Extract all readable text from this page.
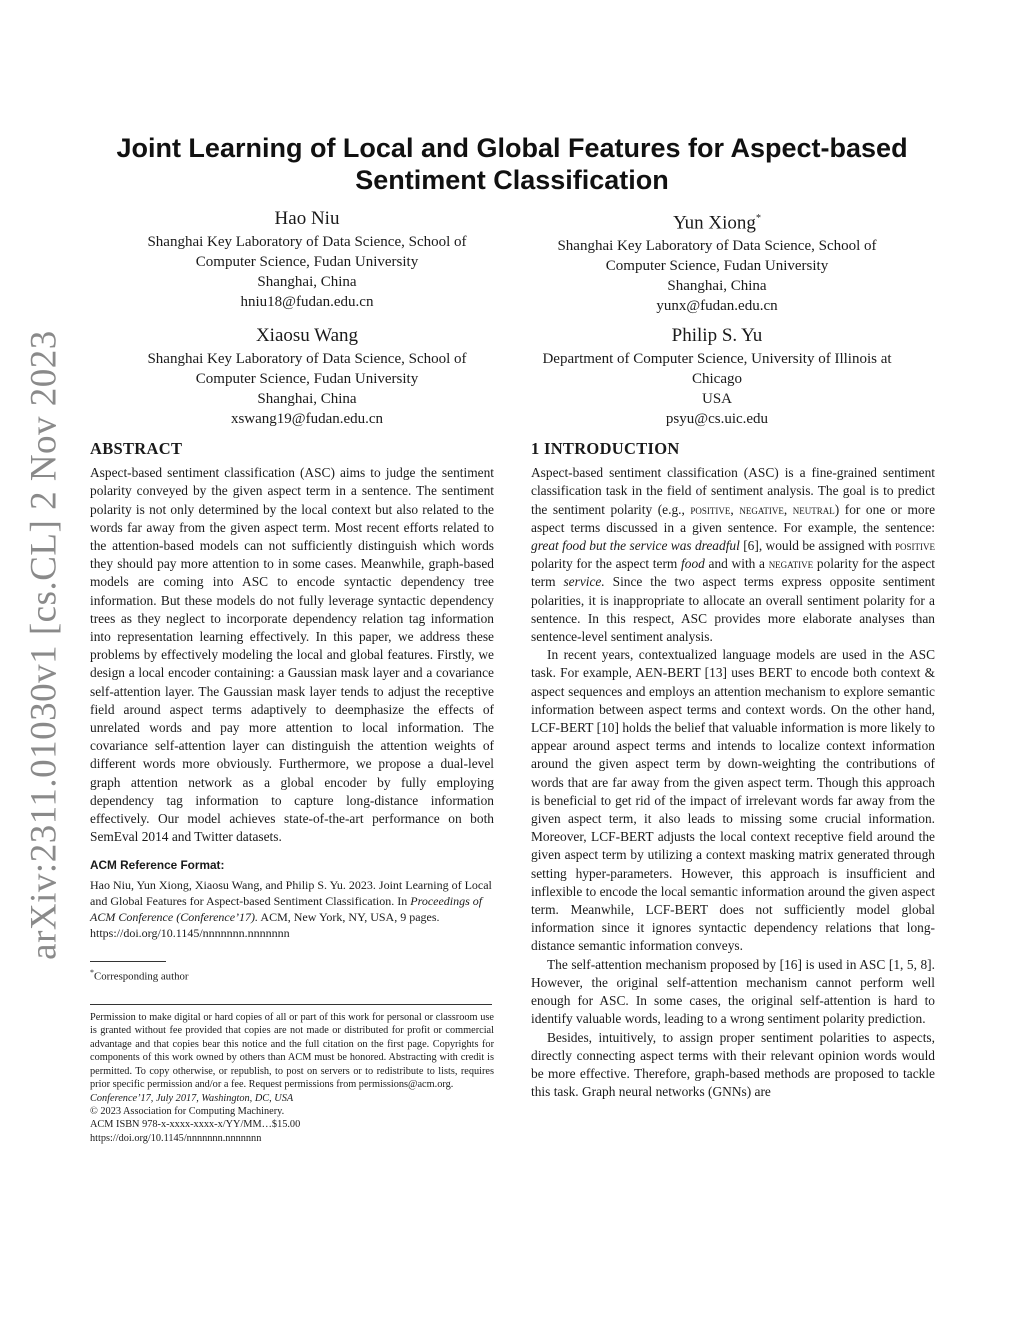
arXiv:2311.01030v1 [cs.CL] 2 Nov 2023
Joint Learning of Local and Global Features for Aspect-based
Sentiment Classification
Hao Niu
Shanghai Key Laboratory of Data Science, School of
Computer Science, Fudan University
Shanghai, China
hniu18@fudan.edu.cn
Yun Xiong*
Shanghai Key Laboratory of Data Science, School of
Computer Science, Fudan University
Shanghai, China
yunx@fudan.edu.cn
Xiaosu Wang
Shanghai Key Laboratory of Data Science, School of
Computer Science, Fudan University
Shanghai, China
xswang19@fudan.edu.cn
Philip S. Yu
Department of Computer Science, University of Illinois at
Chicago
USA
psyu@cs.uic.edu
ABSTRACT

Aspect-based sentiment classification (ASC) aims to judge the sentiment polarity conveyed by the given aspect term in a sentence. The sentiment polarity is not only determined by the local context but also related to the words far away from the given aspect term. Most recent efforts related to the attention-based models can not sufficiently distinguish which words they should pay more attention to in some cases. Meanwhile, graph-based models are coming into ASC to encode syntactic dependency tree information. But these models do not fully leverage syntactic dependency trees as they neglect to incorporate dependency relation tag information into representation learning effectively. In this paper, we address these problems by effectively modeling the local and global features. Firstly, we design a local encoder containing: a Gaussian mask layer and a covariance self-attention layer. The Gaussian mask layer tends to adjust the receptive field around aspect terms adaptively to deemphasize the effects of unrelated words and pay more attention to local information. The covariance self-attention layer can distinguish the attention weights of different words more obviously. Furthermore, we propose a dual-level graph attention network as a global encoder by fully employing dependency tag information to capture long-distance information effectively. Our model achieves state-of-the-art performance on both SemEval 2014 and Twitter datasets.

ACM Reference Format:
Hao Niu, Yun Xiong, Xiaosu Wang, and Philip S. Yu. 2023. Joint Learning of Local and Global Features for Aspect-based Sentiment Classification. In Proceedings of ACM Conference (Conference’17). ACM, New York, NY, USA, 9 pages. https://doi.org/10.1145/nnnnnnn.nnnnnnn
*Corresponding author
Permission to make digital or hard copies of all or part of this work for personal or classroom use is granted without fee provided that copies are not made or distributed for profit or commercial advantage and that copies bear this notice and the full citation on the first page. Copyrights for components of this work owned by others than ACM must be honored. Abstracting with credit is permitted. To copy otherwise, or republish, to post on servers or to redistribute to lists, requires prior specific permission and/or a fee. Request permissions from permissions@acm.org.
Conference’17, July 2017, Washington, DC, USA
© 2023 Association for Computing Machinery.
ACM ISBN 978-x-xxxx-xxxx-x/YY/MM…$15.00
https://doi.org/10.1145/nnnnnnn.nnnnnnn
1 INTRODUCTION

Aspect-based sentiment classification (ASC) is a fine-grained sentiment classification task in the field of sentiment analysis. The goal is to predict the sentiment polarity (e.g., positive, negative, neutral) for one or more aspect terms discussed in a given sentence. For example, the sentence: great food but the service was dreadful [6], would be assigned with positive polarity for the aspect term food and with a negative polarity for the aspect term service. Since the two aspect terms express opposite sentiment polarities, it is inappropriate to allocate an overall sentiment polarity for a sentence. In this respect, ASC provides more elaborate analyses than sentence-level sentiment analysis.

In recent years, contextualized language models are used in the ASC task. For example, AEN-BERT [13] uses BERT to encode both context & aspect sequences and employs an attention mechanism to explore semantic information between aspect terms and context words. On the other hand, LCF-BERT [10] holds the belief that valuable information is more likely to appear around aspect terms and intends to localize context information around the given aspect term by down-weighting the contributions of words that are far away from the given aspect term. Though this approach is beneficial to get rid of the impact of irrelevant words far away from the given aspect term, it also leads to missing some crucial information. Moreover, LCF-BERT adjusts the local context receptive field around the given aspect term by utilizing a context masking matrix generated through setting hyper-parameters. However, this approach is insufficient and inflexible to encode the local semantic information around the given aspect term. Meanwhile, LCF-BERT does not sufficiently model global information since it ignores syntactic dependency relations that long-distance semantic information conveys.

The self-attention mechanism proposed by [16] is used in ASC [1, 5, 8]. However, the original self-attention mechanism cannot perform well enough for ASC. In some cases, the original self-attention is hard to identify valuable words, leading to a wrong sentiment polarity prediction.

Besides, intuitively, to assign proper sentiment polarities to aspects, directly connecting aspect terms with their relevant opinion words would be more effective. Therefore, graph-based methods are proposed to tackle this task. Graph neural networks (GNNs) are
